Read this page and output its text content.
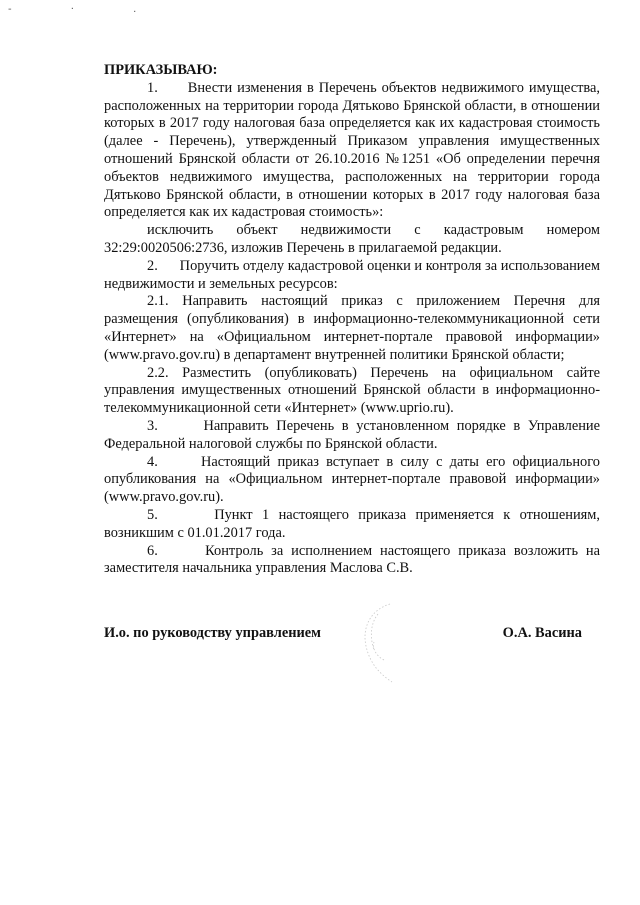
- · .
ПРИКАЗЫВАЮ:

1.      Внести изменения в Перечень объектов недвижимого имущества, расположенных на территории города Дятьково Брянской области, в отношении которых в 2017 году налоговая база определяется как их кадастровая стоимость (далее - Перечень), утвержденный Приказом управления имущественных отношений Брянской области от 26.10.2016 №1251 «Об определении перечня объектов недвижимого имущества, расположенных на территории города Дятьково Брянской области, в отношении которых в 2017 году налоговая база определяется как их кадастровая стоимость»:

исключить объект недвижимости с кадастровым номером 32:29:0020506:2736, изложив Перечень в прилагаемой редакции.

2.      Поручить отделу кадастровой оценки и контроля за использованием недвижимости и земельных ресурсов:

2.1. Направить настоящий приказ с приложением Перечня для размещения (опубликования) в информационно-телекоммуникационной сети «Интернет» на «Официальном интернет-портале правовой информации» (www.pravo.gov.ru) в департамент внутренней политики Брянской области;

2.2. Разместить (опубликовать) Перечень на официальном сайте управления имущественных отношений Брянской области в информационно-телекоммуникационной сети «Интернет» (www.uprio.ru).

3.      Направить Перечень в установленном порядке в Управление Федеральной налоговой службы по Брянской области.

4.      Настоящий приказ вступает в силу с даты его официального опубликования на «Официальном интернет-портале правовой информации» (www.pravo.gov.ru).

5.      Пункт 1 настоящего приказа применяется к отношениям, возникшим с 01.01.2017 года.

6.      Контроль за исполнением настоящего приказа возложить на заместителя начальника управления Маслова С.В.

И.о. по руководству управлением	О.А. Васина
